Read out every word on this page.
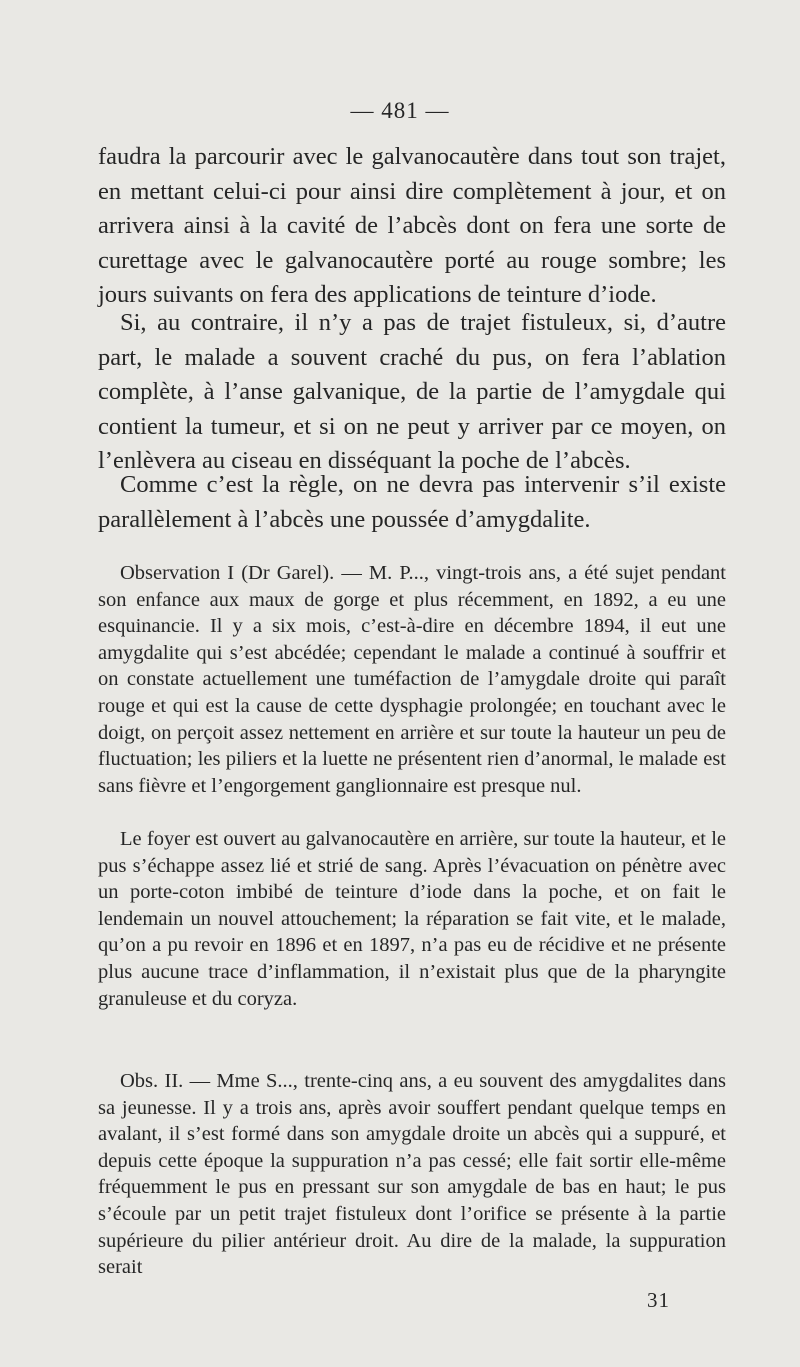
— 481 —

faudra la parcourir avec le galvanocautère dans tout son trajet, en mettant celui-ci pour ainsi dire complètement à jour, et on arrivera ainsi à la cavité de l’abcès dont on fera une sorte de curettage avec le galvanocautère porté au rouge sombre; les jours suivants on fera des applications de teinture d’iode.

Si, au contraire, il n’y a pas de trajet fistuleux, si, d’autre part, le malade a souvent craché du pus, on fera l’ablation complète, à l’anse galvanique, de la partie de l’amygdale qui contient la tumeur, et si on ne peut y arriver par ce moyen, on l’enlèvera au ciseau en disséquant la poche de l’abcès.

Comme c’est la règle, on ne devra pas intervenir s’il existe parallèlement à l’abcès une poussée d’amygdalite.

Observation I (Dr Garel). — M. P..., vingt-trois ans, a été sujet pendant son enfance aux maux de gorge et plus récemment, en 1892, a eu une esquinancie. Il y a six mois, c’est-à-dire en décembre 1894, il eut une amygdalite qui s’est abcédée; cependant le malade a continué à souffrir et on constate actuellement une tuméfaction de l’amygdale droite qui paraît rouge et qui est la cause de cette dysphagie prolongée; en touchant avec le doigt, on perçoit assez nettement en arrière et sur toute la hauteur un peu de fluctuation; les piliers et la luette ne présentent rien d’anormal, le malade est sans fièvre et l’engorgement ganglionnaire est presque nul.

Le foyer est ouvert au galvanocautère en arrière, sur toute la hauteur, et le pus s’échappe assez lié et strié de sang. Après l’évacuation on pénètre avec un porte-coton imbibé de teinture d’iode dans la poche, et on fait le lendemain un nouvel attouchement; la réparation se fait vite, et le malade, qu’on a pu revoir en 1896 et en 1897, n’a pas eu de récidive et ne présente plus aucune trace d’inflammation, il n’existait plus que de la pharyngite granuleuse et du coryza.

Obs. II. — Mme S..., trente-cinq ans, a eu souvent des amygdalites dans sa jeunesse. Il y a trois ans, après avoir souffert pendant quelque temps en avalant, il s’est formé dans son amygdale droite un abcès qui a suppuré, et depuis cette époque la suppuration n’a pas cessé; elle fait sortir elle-même fréquemment le pus en pressant sur son amygdale de bas en haut; le pus s’écoule par un petit trajet fistuleux dont l’orifice se présente à la partie supérieure du pilier antérieur droit. Au dire de la malade, la suppuration serait

31
